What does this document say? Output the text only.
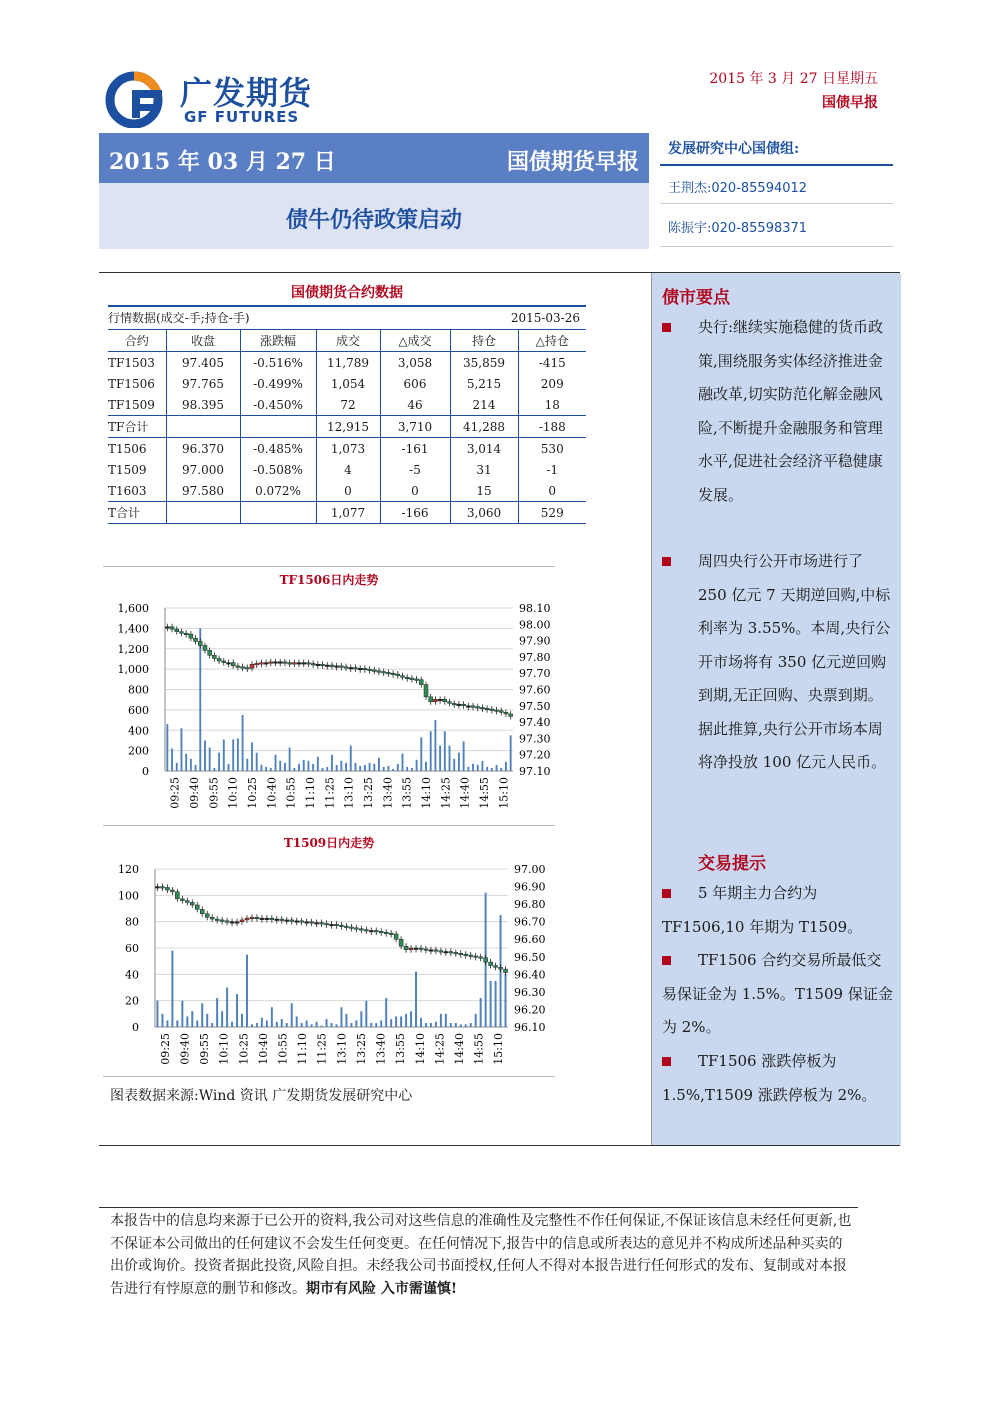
广发期货
GF FUTURES
2015 年 3 月 27 日星期五
国债早报
2015 年 03 月 27 日	国债期货早报
债牛仍待政策启动
发展研究中心国债组:
王荆杰:020-85594012
陈振宇:020-85598371
国债期货合约数据
行情数据(成交-手;持仓-手)	2015-03-26
合约	收盘	涨跌幅	成交	△成交	持仓	△持仓
TF1503	97.405	-0.516%	11,789	3,058	35,859	-415
TF1506	97.765	-0.499%	1,054	606	5,215	209
TF1509	98.395	-0.450%	72	46	214	18
TF合计			12,915	3,710	41,288	-188
T1506	96.370	-0.485%	1,073	-161	3,014	530
T1509	97.000	-0.508%	4	-5	31	-1
T1603	97.580	0.072%	0	0	15	0
T合计			1,077	-166	3,060	529
TF1506日内走势
0
200
400
600
800
1,000
1,200
1,400
1,600
97.10
97.20
97.30
97.40
97.50
97.60
97.70
97.80
97.90
98.00
98.10
09:25 09:40 09:55 10:10 10:25 10:40 10:55 11:10 11:25 13:10 13:25 13:40 13:55 14:10 14:25 14:40 14:55 15:10
T1509日内走势
0
20
40
60
80
100
120
96.10
96.20
96.30
96.40
96.50
96.60
96.70
96.80
96.90
97.00
09:25 09:40 09:55 10:10 10:25 10:40 10:55 11:10 11:25 13:10 13:25 13:40 13:55 14:10 14:25 14:40 14:55 15:10
图表数据来源:Wind 资讯 广发期货发展研究中心
债市要点
央行:继续实施稳健的货币政策,围绕服务实体经济推进金融改革,切实防范化解金融风险,不断提升金融服务和管理水平,促进社会经济平稳健康发展。
周四央行公开市场进行了 250 亿元 7 天期逆回购,中标利率为 3.55%。本周,央行公开市场将有 350 亿元逆回购到期,无正回购、央票到期。据此推算,央行公开市场本周将净投放 100 亿元人民币。
交易提示
5 年期主力合约为 TF1506,10 年期为 T1509。
TF1506 合约交易所最低交易保证金为 1.5%。T1509 保证金为 2%。
TF1506 涨跌停板为 1.5%,T1509 涨跌停板为 2%。
本报告中的信息均来源于已公开的资料,我公司对这些信息的准确性及完整性不作任何保证,不保证该信息未经任何更新,也不保证本公司做出的任何建议不会发生任何变更。在任何情况下,报告中的信息或所表达的意见并不构成所述品种买卖的出价或询价。投资者据此投资,风险自担。未经我公司书面授权,任何人不得对本报告进行任何形式的发布、复制或对本报告进行有悖原意的删节和修改。期市有风险 入市需谨慎!
